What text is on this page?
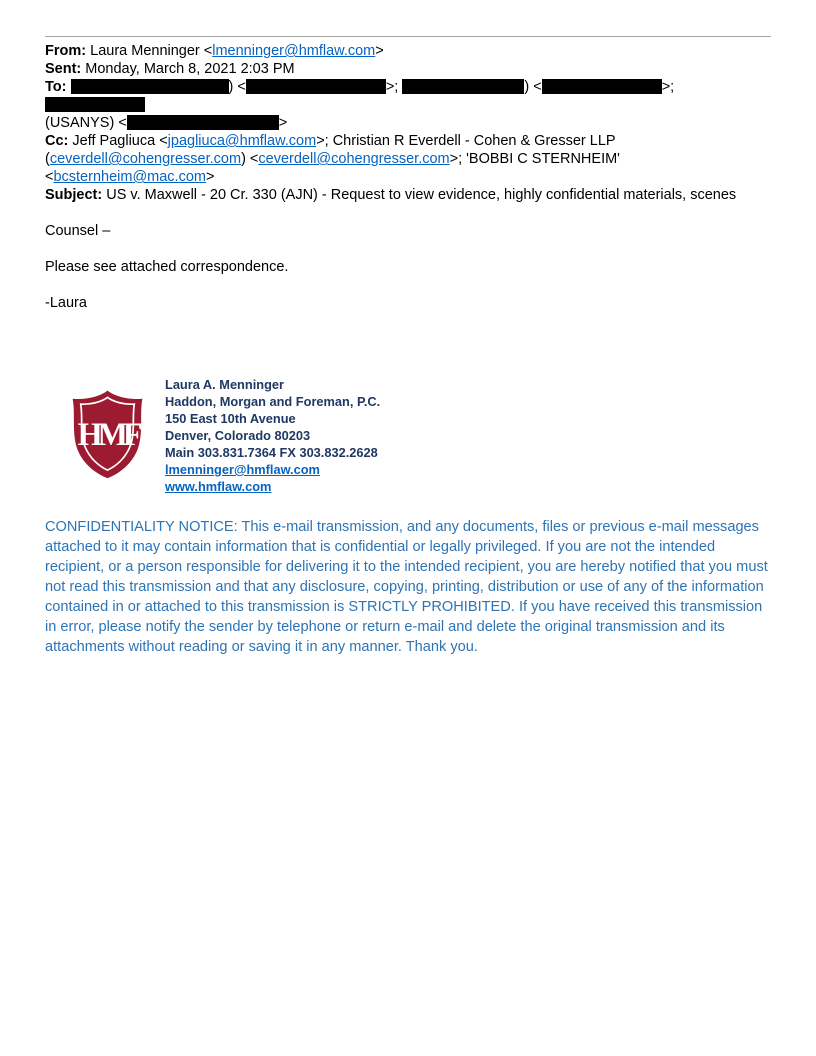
From: Laura Menninger <lmenninger@hmflaw.com>

Sent: Monday, March 8, 2021 2:03 PM

To:	) <	>;	) <	>;
(USANYS) <	>

Cc: Jeff Pagliuca <jpagliuca@hmflaw.com>; Christian R Everdell - Cohen & Gresser LLP (ceverdell@cohengresser.com) <ceverdell@cohengresser.com>; 'BOBBI C STERNHEIM' <bcsternheim@mac.com>

Subject: US v. Maxwell - 20 Cr. 330 (AJN) - Request to view evidence, highly confidential materials, scenes

Counsel –

Please see attached correspondence.

-Laura

HMF
Laura A. Menninger
Haddon, Morgan and Foreman, P.C.
150 East 10th Avenue
Denver, Colorado 80203
Main 303.831.7364 FX 303.832.2628
lmenninger@hmflaw.com
www.hmflaw.com

CONFIDENTIALITY NOTICE: This e-mail transmission, and any documents, files or previous e-mail messages attached to it may contain information that is confidential or legally privileged. If you are not the intended recipient, or a person responsible for delivering it to the intended recipient, you are hereby notified that you must not read this transmission and that any disclosure, copying, printing, distribution or use of any of the information contained in or attached to this transmission is STRICTLY PROHIBITED. If you have received this transmission in error, please notify the sender by telephone or return e-mail and delete the original transmission and its attachments without reading or saving it in any manner. Thank you.
